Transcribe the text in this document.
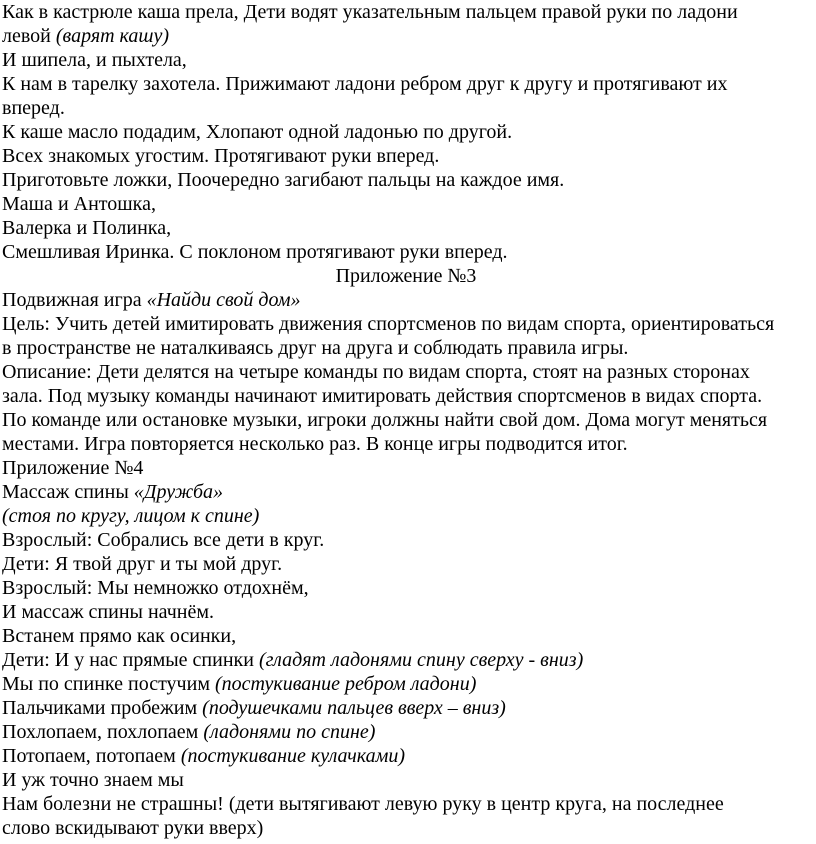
Как в кастрюле каша прела, Дети водят указательным пальцем правой руки по ладони
левой (варят кашу)
И шипела, и пыхтела,
К нам в тарелку захотела. Прижимают ладони ребром друг к другу и протягивают их
вперед.
К каше масло подадим, Хлопают одной ладонью по другой.
Всех знакомых угостим. Протягивают руки вперед.
Приготовьте ложки, Поочередно загибают пальцы на каждое имя.
Маша и Антошка,
Валерка и Полинка,
Смешливая Иринка. С поклоном протягивают руки вперед.
Приложение №3
Подвижная игра «Найди свой дом»
Цель: Учить детей имитировать движения спортсменов по видам спорта, ориентироваться
в пространстве не наталкиваясь друг на друга и соблюдать правила игры.
Описание: Дети делятся на четыре команды по видам спорта, стоят на разных сторонах
зала. Под музыку команды начинают имитировать действия спортсменов в видах спорта.
По команде или остановке музыки, игроки должны найти свой дом. Дома могут меняться
местами. Игра повторяется несколько раз. В конце игры подводится итог.
Приложение №4
Массаж спины «Дружба»
(стоя по кругу, лицом к спине)
Взрослый: Собрались все дети в круг.
Дети: Я твой друг и ты мой друг.
Взрослый: Мы немножко отдохнём,
И массаж спины начнём.
Встанем прямо как осинки,
Дети: И у нас прямые спинки (гладят ладонями спину сверху - вниз)
Мы по спинке постучим (постукивание ребром ладони)
Пальчиками пробежим (подушечками пальцев вверх – вниз)
Похлопаем, похлопаем (ладонями по спине)
Потопаем, потопаем (постукивание кулачками)
И уж точно знаем мы
Нам болезни не страшны! (дети вытягивают левую руку в центр круга, на последнее
слово вскидывают руки вверх)
